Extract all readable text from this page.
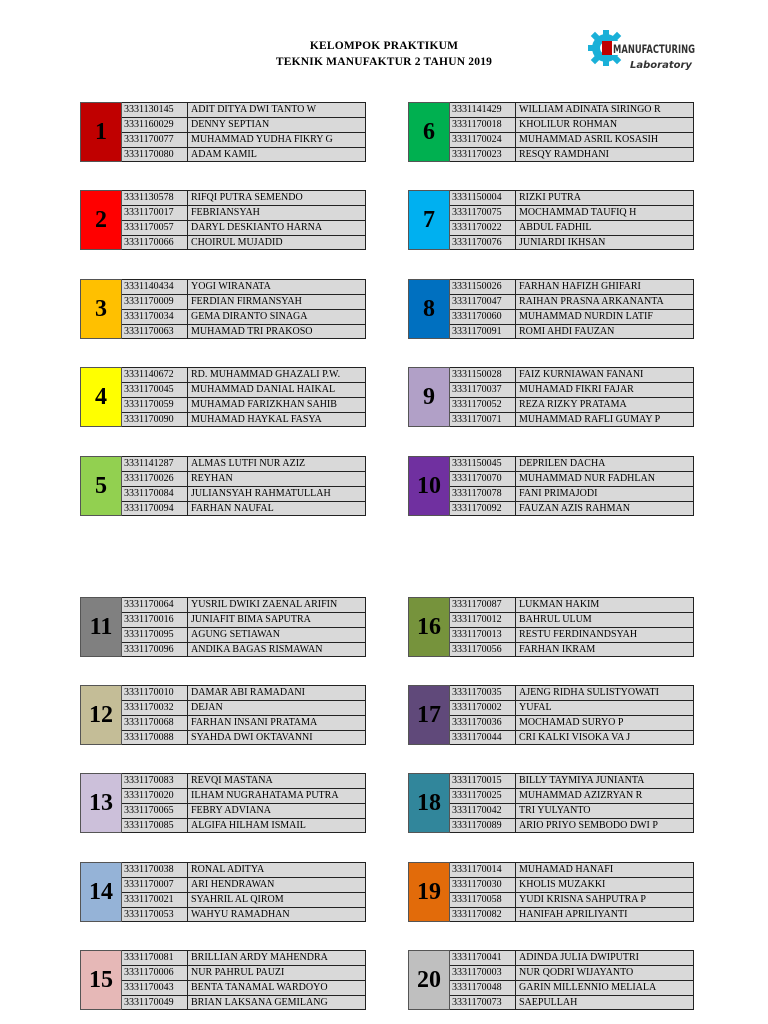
KELOMPOK PRAKTIKUM
TEKNIK MANUFAKTUR 2 TAHUN 2019
MANUFACTURING
Laboratory
1
3331130145	ADIT DITYA DWI TANTO W
3331160029	DENNY SEPTIAN
3331170077	MUHAMMAD YUDHA FIKRY G
3331170080	ADAM KAMIL
2
3331130578	RIFQI PUTRA SEMENDO
3331170017	FEBRIANSYAH
3331170057	DARYL DESKIANTO HARNA
3331170066	CHOIRUL MUJADID
3
3331140434	YOGI WIRANATA
3331170009	FERDIAN FIRMANSYAH
3331170034	GEMA DIRANTO SINAGA
3331170063	MUHAMAD TRI PRAKOSO
4
3331140672	RD. MUHAMMAD GHAZALI P.W.
3331170045	MUHAMMAD DANIAL HAIKAL
3331170059	MUHAMAD FARIZKHAN SAHIB
3331170090	MUHAMAD HAYKAL FASYA
5
3331141287	ALMAS LUTFI NUR AZIZ
3331170026	REYHAN
3331170084	JULIANSYAH RAHMATULLAH
3331170094	FARHAN NAUFAL
6
3331141429	WILLIAM ADINATA SIRINGO R
3331170018	KHOLILUR ROHMAN
3331170024	MUHAMMAD ASRIL KOSASIH
3331170023	RESQY RAMDHANI
7
3331150004	RIZKI PUTRA
3331170075	MOCHAMMAD TAUFIQ H
3331170022	ABDUL FADHIL
3331170076	JUNIARDI IKHSAN
8
3331150026	FARHAN HAFIZH GHIFARI
3331170047	RAIHAN PRASNA ARKANANTA
3331170060	MUHAMMAD NURDIN LATIF
3331170091	ROMI AHDI FAUZAN
9
3331150028	FAIZ KURNIAWAN FANANI
3331170037	MUHAMAD FIKRI FAJAR
3331170052	REZA RIZKY PRATAMA
3331170071	MUHAMMAD RAFLI GUMAY P
10
3331150045	DEPRILEN DACHA
3331170070	MUHAMMAD NUR FADHLAN
3331170078	FANI PRIMAJODI
3331170092	FAUZAN AZIS RAHMAN
11
3331170064	YUSRIL DWIKI ZAENAL ARIFIN
3331170016	JUNIAFIT BIMA SAPUTRA
3331170095	AGUNG SETIAWAN
3331170096	ANDIKA BAGAS RISMAWAN
12
3331170010	DAMAR ABI RAMADANI
3331170032	DEJAN
3331170068	FARHAN INSANI PRATAMA
3331170088	SYAHDA DWI OKTAVANNI
13
3331170083	REVQI MASTANA
3331170020	ILHAM NUGRAHATAMA PUTRA
3331170065	FEBRY ADVIANA
3331170085	ALGIFA HILHAM ISMAIL
14
3331170038	RONAL ADITYA
3331170007	ARI HENDRAWAN
3331170021	SYAHRIL AL QIROM
3331170053	WAHYU RAMADHAN
15
3331170081	BRILLIAN ARDY MAHENDRA
3331170006	NUR PAHRUL PAUZI
3331170043	BENTA TANAMAL WARDOYO
3331170049	BRIAN LAKSANA GEMILANG
16
3331170087	LUKMAN HAKIM
3331170012	BAHRUL ULUM
3331170013	RESTU FERDINANDSYAH
3331170056	FARHAN IKRAM
17
3331170035	AJENG RIDHA SULISTYOWATI
3331170002	YUFAL
3331170036	MOCHAMAD SURYO P
3331170044	CRI KALKI VISOKA VA J
18
3331170015	BILLY TAYMIYA JUNIANTA
3331170025	MUHAMMAD AZIZRYAN R
3331170042	TRI YULYANTO
3331170089	ARIO PRIYO SEMBODO DWI P
19
3331170014	MUHAMAD HANAFI
3331170030	KHOLIS MUZAKKI
3331170058	YUDI KRISNA SAHPUTRA P
3331170082	HANIFAH APRILIYANTI
20
3331170041	ADINDA JULIA DWIPUTRI
3331170003	NUR QODRI WIJAYANTO
3331170048	GARIN MILLENNIO MELIALA
3331170073	SAEPULLAH
